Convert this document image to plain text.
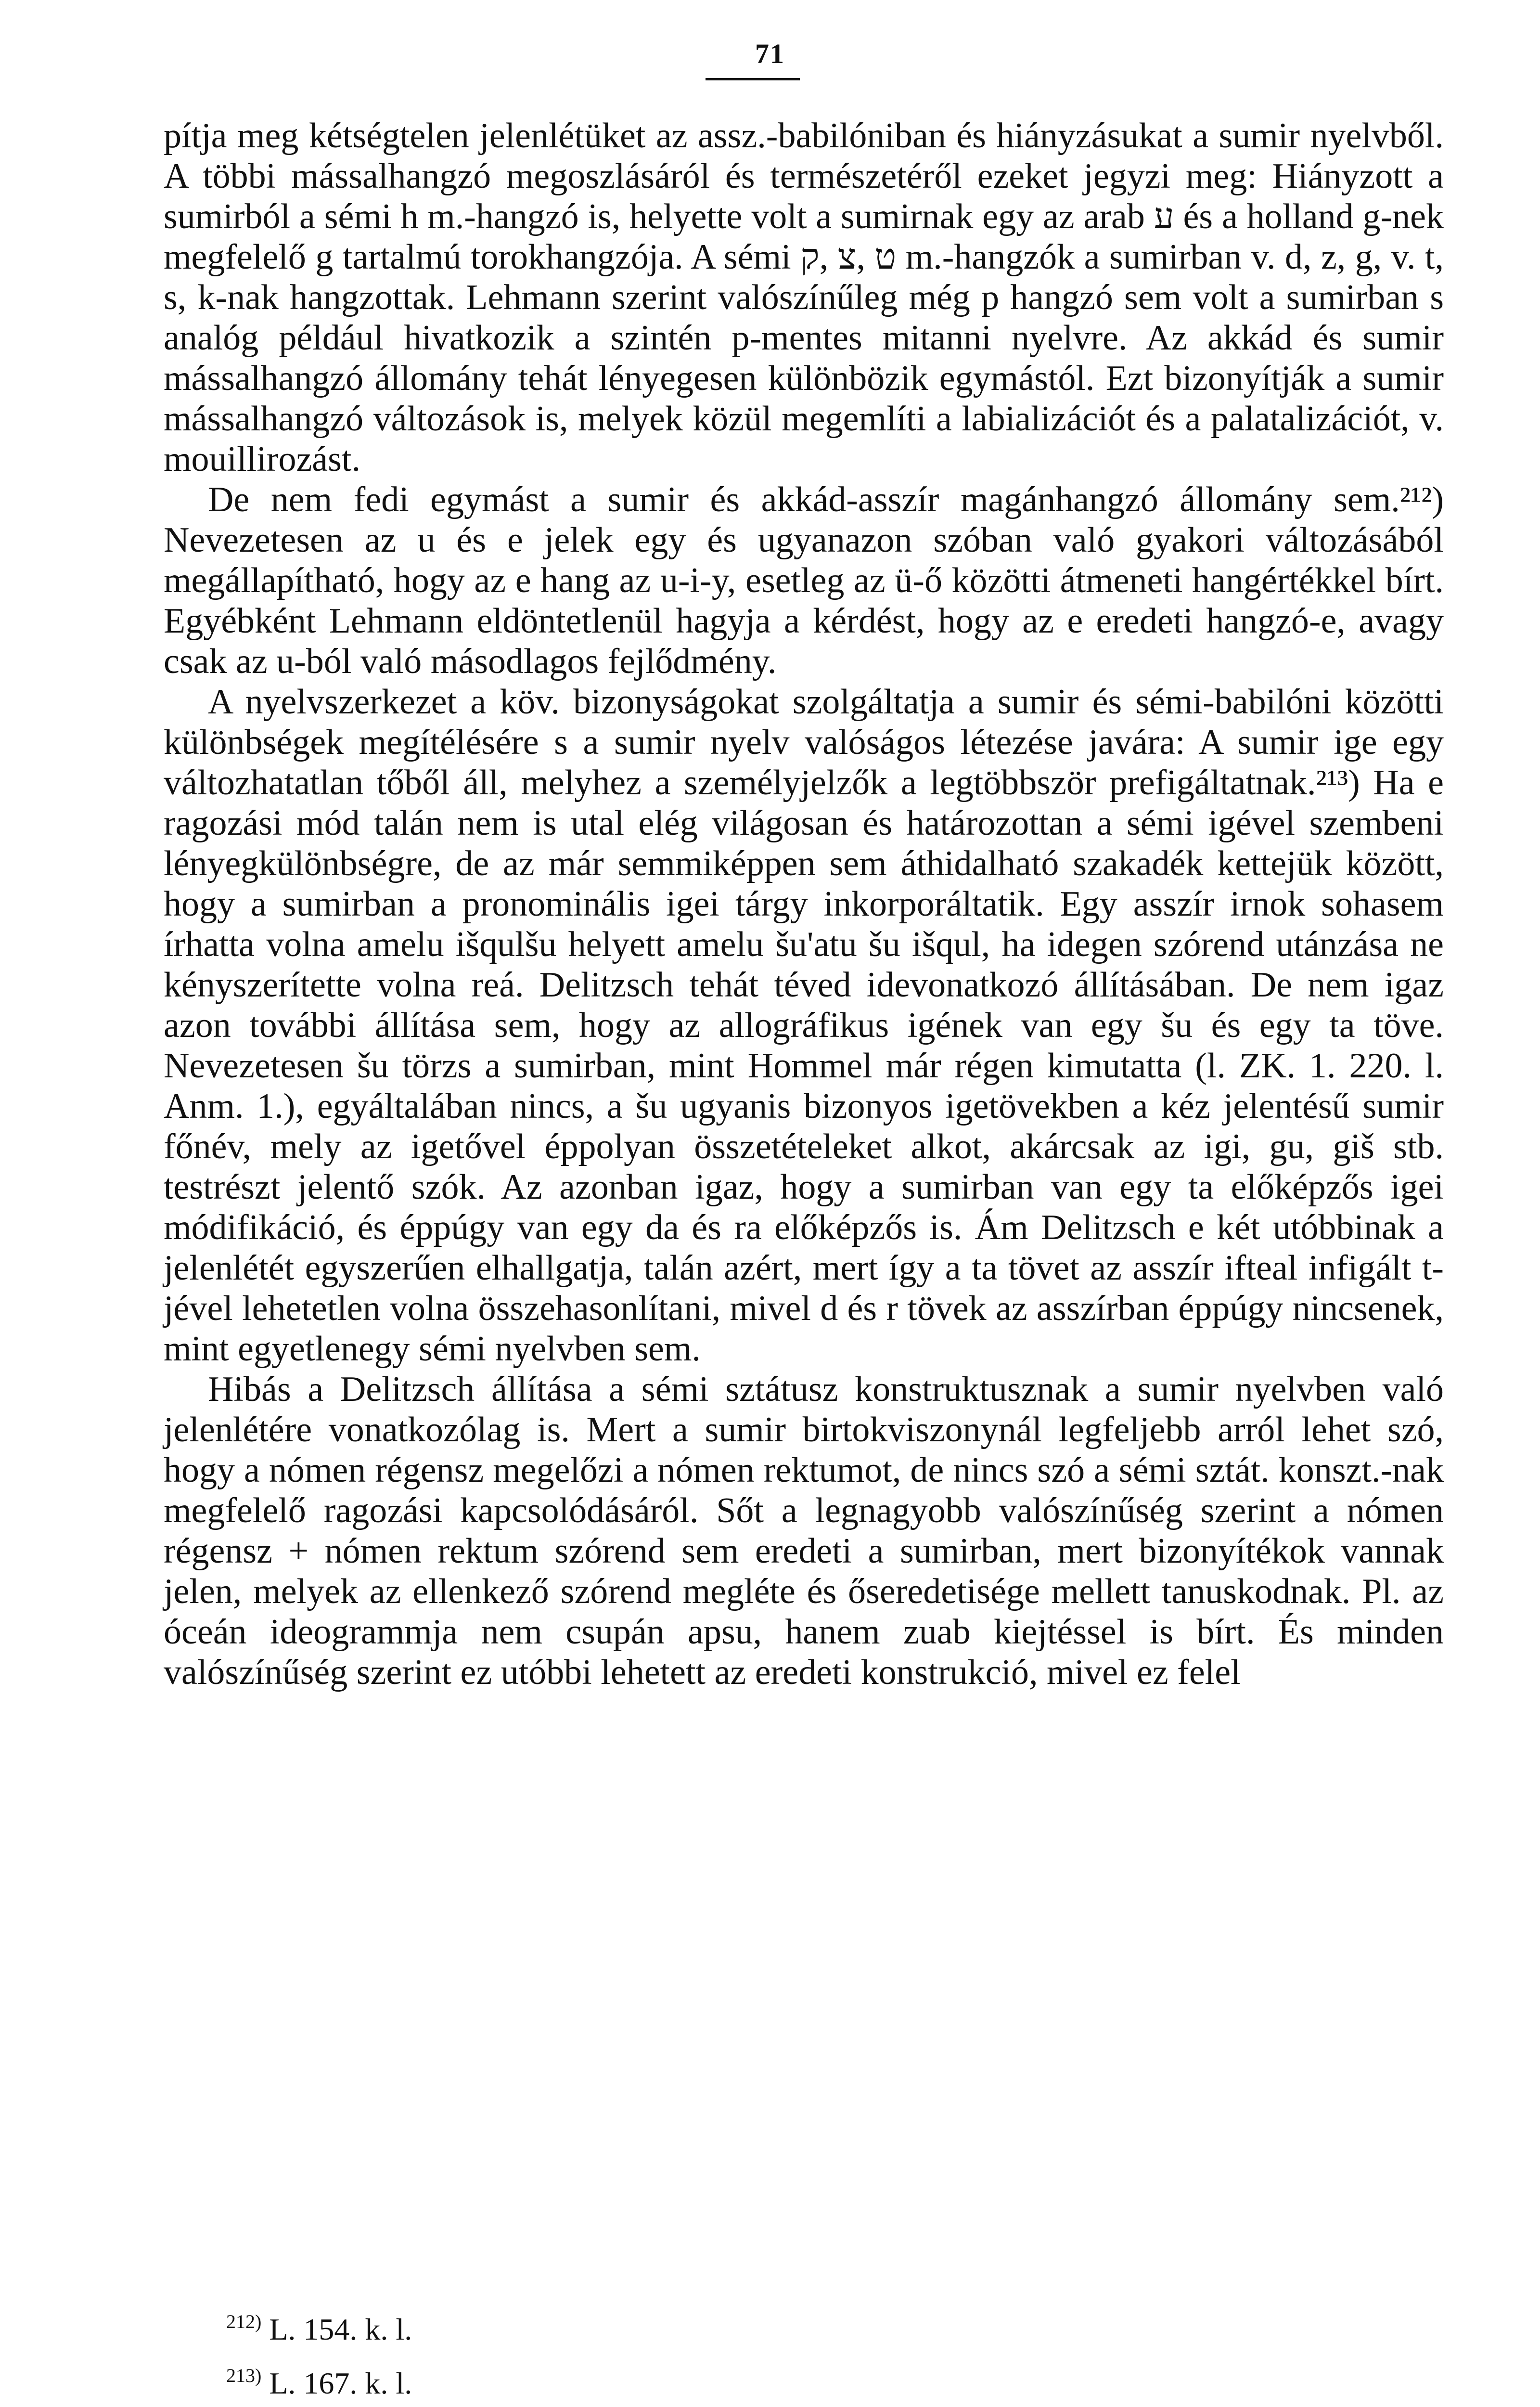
71

pítja meg kétségtelen jelenlétüket az assz.-babilóniban és hiányzásukat a sumir nyelvből. A többi mássalhangzó megoszlásáról és természetéről ezeket jegyzi meg: Hiányzott a sumirból a sémi h m.-hangzó is, helyette volt a sumirnak egy az arab ע és a holland g-nek megfelelő g tartalmú torokhangzója. A sémi ט ,צ ,ק m.-hangzók a sumirban v. d, z, g, v. t, s, k-nak hangzottak. Lehmann szerint valószínűleg még p hangzó sem volt a sumirban s analóg például hivatkozik a szintén p-mentes mitanni nyelvre. Az akkád és sumir mássalhangzó állomány tehát lényegesen különbözik egymástól. Ezt bizonyítják a sumir mássalhangzó változások is, melyek közül megemlíti a labializációt és a palatalizációt, v. mouillirozást.

De nem fedi egymást a sumir és akkád-asszír magánhangzó állomány sem.²¹²) Nevezetesen az u és e jelek egy és ugyanazon szóban való gyakori változásából megállapítható, hogy az e hang az u-i-y, esetleg az ü-ő közötti átmeneti hangértékkel bírt. Egyébként Lehmann eldöntetlenül hagyja a kérdést, hogy az e eredeti hangzó-e, avagy csak az u-ból való másodlagos fejlődmény.

A nyelvszerkezet a köv. bizonyságokat szolgáltatja a sumir és sémi-babilóni közötti különbségek megítélésére s a sumir nyelv valóságos létezése javára: A sumir ige egy változhatatlan tőből áll, melyhez a személyjelzők a legtöbbször prefigáltatnak.²¹³) Ha e ragozási mód talán nem is utal elég világosan és határozottan a sémi igével szembeni lényegkülönbségre, de az már semmiképpen sem áthidalható szakadék kettejük között, hogy a sumirban a pronominális igei tárgy inkorporáltatik. Egy asszír irnok sohasem írhatta volna amelu išqulšu helyett amelu šu'atu šu išqul, ha idegen szórend utánzása ne kényszerítette volna reá. Delitzsch tehát téved idevonatkozó állításában. De nem igaz azon további állítása sem, hogy az allográfikus igének van egy šu és egy ta töve. Nevezetesen šu törzs a sumirban, mint Hommel már régen kimutatta (l. ZK. 1. 220. l. Anm. 1.), egyáltalában nincs, a šu ugyanis bizonyos igetövekben a kéz jelentésű sumir főnév, mely az igetővel éppolyan összetételeket alkot, akárcsak az igi, gu, giš stb. testrészt jelentő szók. Az azonban igaz, hogy a sumirban van egy ta előképzős igei módifikáció, és éppúgy van egy da és ra előképzős is. Ám Delitzsch e két utóbbinak a jelenlétét egyszerűen elhallgatja, talán azért, mert így a ta tövet az asszír ifteal infigált t-jével lehetetlen volna összehasonlítani, mivel d és r tövek az asszírban éppúgy nincsenek, mint egyetlenegy sémi nyelvben sem.

Hibás a Delitzsch állítása a sémi sztátusz konstruktusznak a sumir nyelvben való jelenlétére vonatkozólag is. Mert a sumir birtokviszonynál legfeljebb arról lehet szó, hogy a nómen régensz megelőzi a nómen rektumot, de nincs szó a sémi sztát. konszt.-nak megfelelő ragozási kapcsolódásáról. Sőt a legnagyobb valószínűség szerint a nómen régensz + nómen rektum szórend sem eredeti a sumirban, mert bizonyítékok vannak jelen, melyek az ellenkező szórend megléte és őseredetisége mellett tanuskodnak. Pl. az óceán ideogrammja nem csupán apsu, hanem zuab kiejtéssel is bírt. És minden valószínűség szerint ez utóbbi lehetett az eredeti konstrukció, mivel ez felel

$^{212)}$ L. 154. k. l.
$^{213)}$ L. 167. k. l.
